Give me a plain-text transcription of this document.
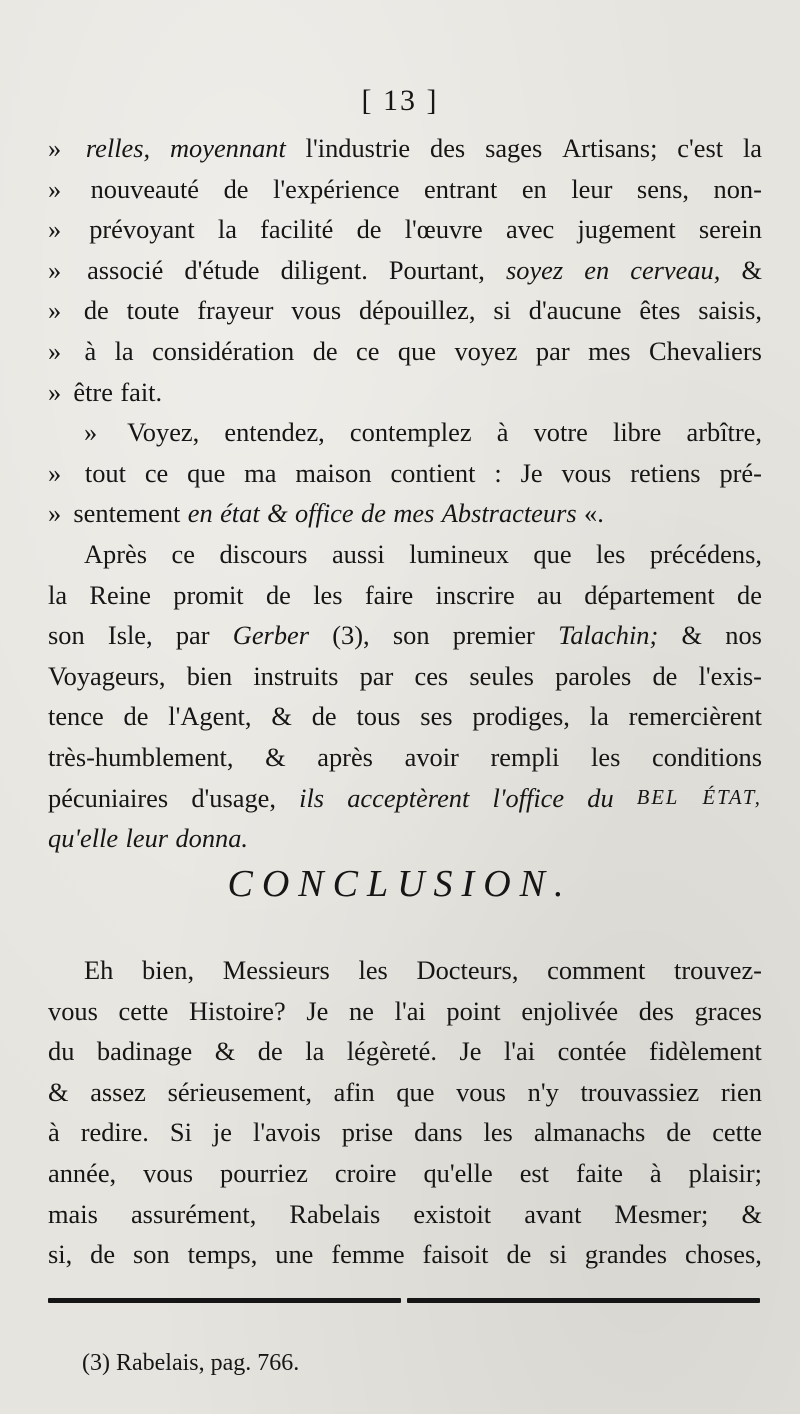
[ 13 ]
» relles, moyennant l'industrie des sages Artisans; c'est la
» nouveauté de l'expérience entrant en leur sens, non-
» prévoyant la facilité de l'œuvre avec jugement serein
» associé d'étude diligent. Pourtant, soyez en cerveau, &
» de toute frayeur vous dépouillez, si d'aucune êtes saisis,
» à la considération de ce que voyez par mes Chevaliers
» être fait.
» Voyez, entendez, contemplez à votre libre arbître,
» tout ce que ma maison contient : Je vous retiens pré-
» sentement en état & office de mes Abstracteurs «.
Après ce discours aussi lumineux que les précédens,
la Reine promit de les faire inscrire au département de
son Isle, par Gerber (3), son premier Talachin; & nos
Voyageurs, bien instruits par ces seules paroles de l'exis-
tence de l'Agent, & de tous ses prodiges, la remercièrent
très-humblement, & après avoir rempli les conditions
pécuniaires d'usage, ils acceptèrent l'office du BEL ÉTAT,
qu'elle leur donna.
CONCLUSION.
Eh bien, Messieurs les Docteurs, comment trouvez-
vous cette Histoire? Je ne l'ai point enjolivée des graces
du badinage & de la légèreté. Je l'ai contée fidèlement
& assez sérieusement, afin que vous n'y trouvassiez rien
à redire. Si je l'avois prise dans les almanachs de cette
année, vous pourriez croire qu'elle est faite à plaisir;
mais assurément, Rabelais existoit avant Mesmer; &
si, de son temps, une femme faisoit de si grandes choses,
(3) Rabelais, pag. 766.
